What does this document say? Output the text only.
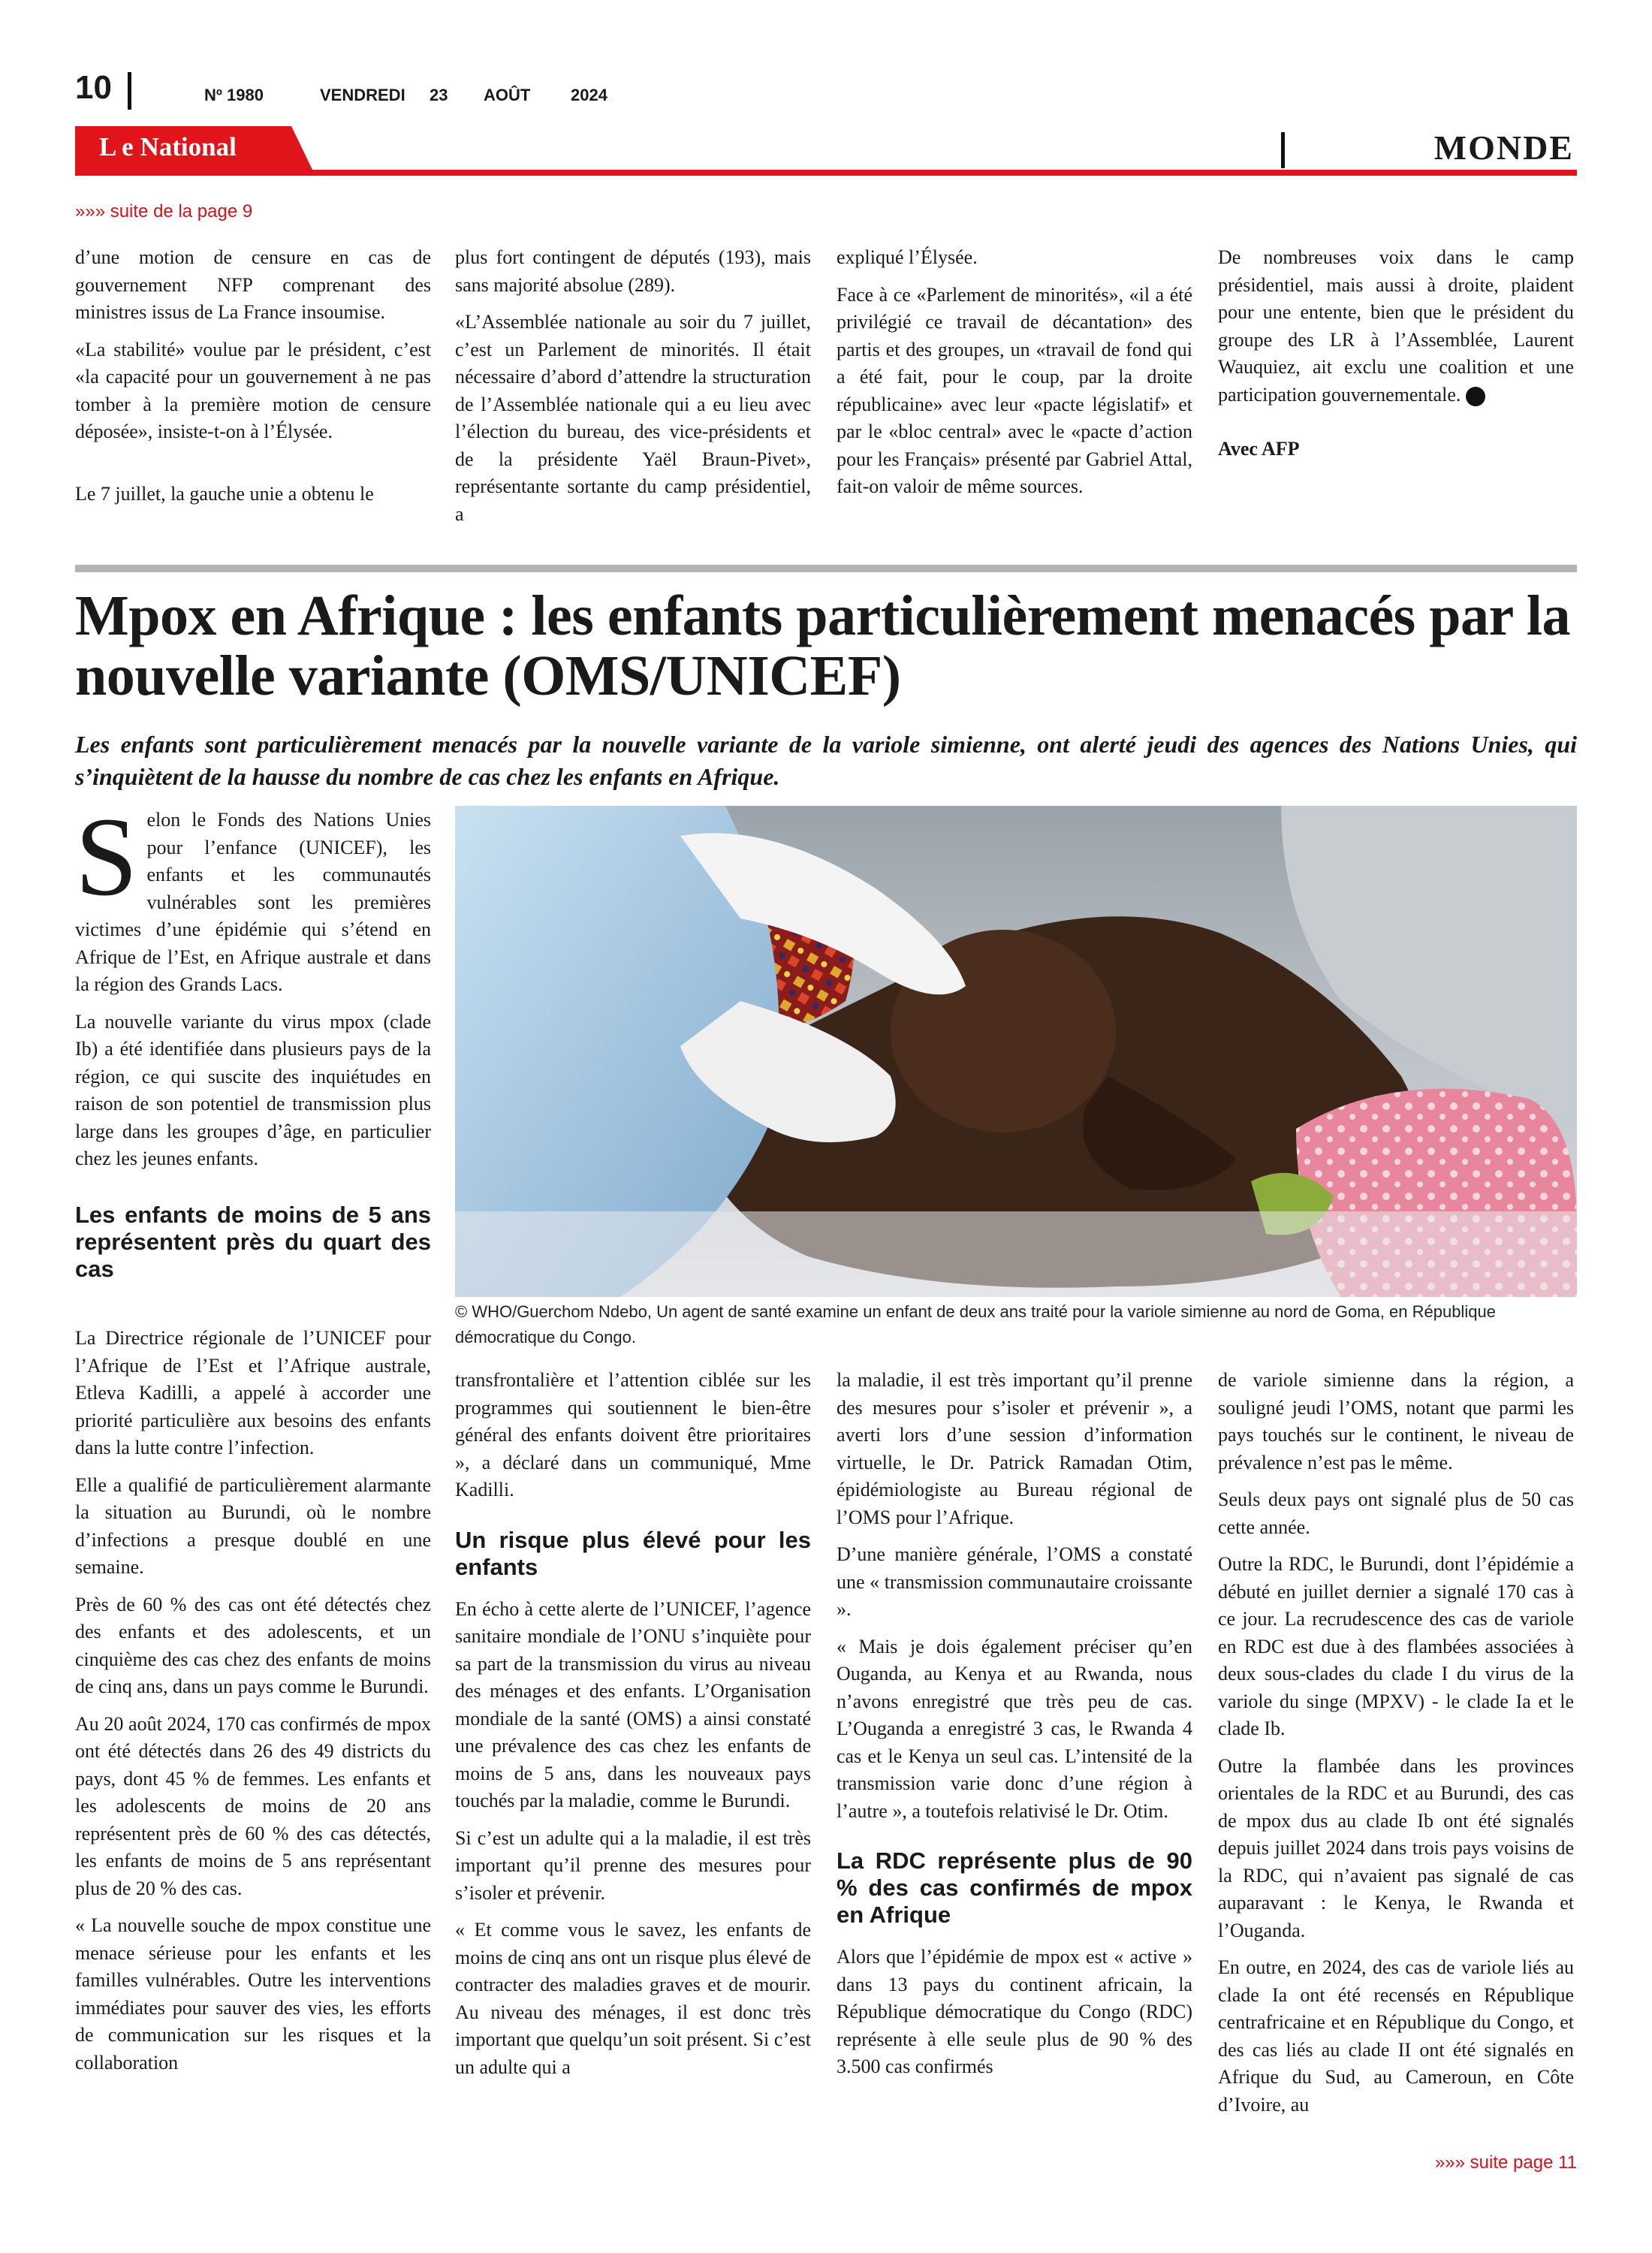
10	Nº 1980	VENDREDI 23 AOÛT 2024
L e National	MONDE
»»» suite de la page 9

d’une motion de censure en cas de gouvernement NFP comprenant des ministres issus de La France insoumise.

«La stabilité» voulue par le président, c’est «la capacité pour un gouvernement à ne pas tomber à la première motion de censure déposée», insiste-t-on à l’Élysée.

Le 7 juillet, la gauche unie a obtenu le

plus fort contingent de députés (193), mais sans majorité absolue (289).

«L’Assemblée nationale au soir du 7 juillet, c’est un Parlement de minorités. Il était nécessaire d’abord d’attendre la structuration de l’Assemblée nationale qui a eu lieu avec l’élection du bureau, des vice-présidents et de la présidente Yaël Braun-Pivet», représentante sortante du camp présidentiel, a

expliqué l’Élysée.

Face à ce «Parlement de minorités», «il a été privilégié ce travail de décantation» des partis et des groupes, un «travail de fond qui a été fait, pour le coup, par la droite républicaine» avec leur «pacte législatif» et par le «bloc central» avec le «pacte d’action pour les Français» présenté par Gabriel Attal, fait-on valoir de même sources.

De nombreuses voix dans le camp présidentiel, mais aussi à droite, plaident pour une entente, bien que le président du groupe des LR à l’Assemblée, Laurent Wauquiez, ait exclu une coalition et une participation gouvernementale.

Avec AFP

Mpox en Afrique : les enfants particulièrement menacés par la nouvelle variante (OMS/UNICEF)
Les enfants sont particulièrement menacés par la nouvelle variante de la variole simienne, ont alerté jeudi des agences des Nations Unies, qui s’inquiètent de la hausse du nombre de cas chez les enfants en Afrique.
© WHO/Guerchom Ndebo, Un agent de santé examine un enfant de deux ans traité pour la variole simienne au nord de Goma, en République démocratique du Congo.

Selon le Fonds des Nations Unies pour l’enfance (UNICEF), les enfants et les communautés vulnérables sont les premières victimes d’une épidémie qui s’étend en Afrique de l’Est, en Afrique australe et dans la région des Grands Lacs.

La nouvelle variante du virus mpox (clade Ib) a été identifiée dans plusieurs pays de la région, ce qui suscite des inquiétudes en raison de son potentiel de transmission plus large dans les groupes d’âge, en particulier chez les jeunes enfants.

Les enfants de moins de 5 ans représentent près du quart des cas

La Directrice régionale de l’UNICEF pour l’Afrique de l’Est et l’Afrique australe, Etleva Kadilli, a appelé à accorder une priorité particulière aux besoins des enfants dans la lutte contre l’infection.

Elle a qualifié de particulièrement alarmante la situation au Burundi, où le nombre d’infections a presque doublé en une semaine.

Près de 60 % des cas ont été détectés chez des enfants et des adolescents, et un cinquième des cas chez des enfants de moins de cinq ans, dans un pays comme le Burundi.

Au 20 août 2024, 170 cas confirmés de mpox ont été détectés dans 26 des 49 districts du pays, dont 45 % de femmes. Les enfants et les adolescents de moins de 20 ans représentent près de 60 % des cas détectés, les enfants de moins de 5 ans représentant plus de 20 % des cas.

« La nouvelle souche de mpox constitue une menace sérieuse pour les enfants et les familles vulnérables. Outre les interventions immédiates pour sauver des vies, les efforts de communication sur les risques et la collaboration

transfrontalière et l’attention ciblée sur les programmes qui soutiennent le bien-être général des enfants doivent être prioritaires », a déclaré dans un communiqué, Mme Kadilli.

Un risque plus élevé pour les enfants

En écho à cette alerte de l’UNICEF, l’agence sanitaire mondiale de l’ONU s’inquiète pour sa part de la transmission du virus au niveau des ménages et des enfants. L’Organisation mondiale de la santé (OMS) a ainsi constaté une prévalence des cas chez les enfants de moins de 5 ans, dans les nouveaux pays touchés par la maladie, comme le Burundi.

Si c’est un adulte qui a la maladie, il est très important qu’il prenne des mesures pour s’isoler et prévenir.

« Et comme vous le savez, les enfants de moins de cinq ans ont un risque plus élevé de contracter des maladies graves et de mourir. Au niveau des ménages, il est donc très important que quelqu’un soit présent. Si c’est un adulte qui a

la maladie, il est très important qu’il prenne des mesures pour s’isoler et prévenir », a averti lors d’une session d’information virtuelle, le Dr. Patrick Ramadan Otim, épidémiologiste au Bureau régional de l’OMS pour l’Afrique.

D’une manière générale, l’OMS a constaté une « transmission communautaire croissante ».

« Mais je dois également préciser qu’en Ouganda, au Kenya et au Rwanda, nous n’avons enregistré que très peu de cas. L’Ouganda a enregistré 3 cas, le Rwanda 4 cas et le Kenya un seul cas. L’intensité de la transmission varie donc d’une région à l’autre », a toutefois relativisé le Dr. Otim.

La RDC représente plus de 90 % des cas confirmés de mpox en Afrique

Alors que l’épidémie de mpox est « active » dans 13 pays du continent africain, la République démocratique du Congo (RDC) représente à elle seule plus de 90 % des 3.500 cas confirmés

de variole simienne dans la région, a souligné jeudi l’OMS, notant que parmi les pays touchés sur le continent, le niveau de prévalence n’est pas le même.

Seuls deux pays ont signalé plus de 50 cas cette année.

Outre la RDC, le Burundi, dont l’épidémie a débuté en juillet dernier a signalé 170 cas à ce jour. La recrudescence des cas de variole en RDC est due à des flambées associées à deux sous-clades du clade I du virus de la variole du singe (MPXV) - le clade Ia et le clade Ib.

Outre la flambée dans les provinces orientales de la RDC et au Burundi, des cas de mpox dus au clade Ib ont été signalés depuis juillet 2024 dans trois pays voisins de la RDC, qui n’avaient pas signalé de cas auparavant : le Kenya, le Rwanda et l’Ouganda.

En outre, en 2024, des cas de variole liés au clade Ia ont été recensés en République centrafricaine et en République du Congo, et des cas liés au clade II ont été signalés en Afrique du Sud, au Cameroun, en Côte d’Ivoire, au

»»» suite page 11
